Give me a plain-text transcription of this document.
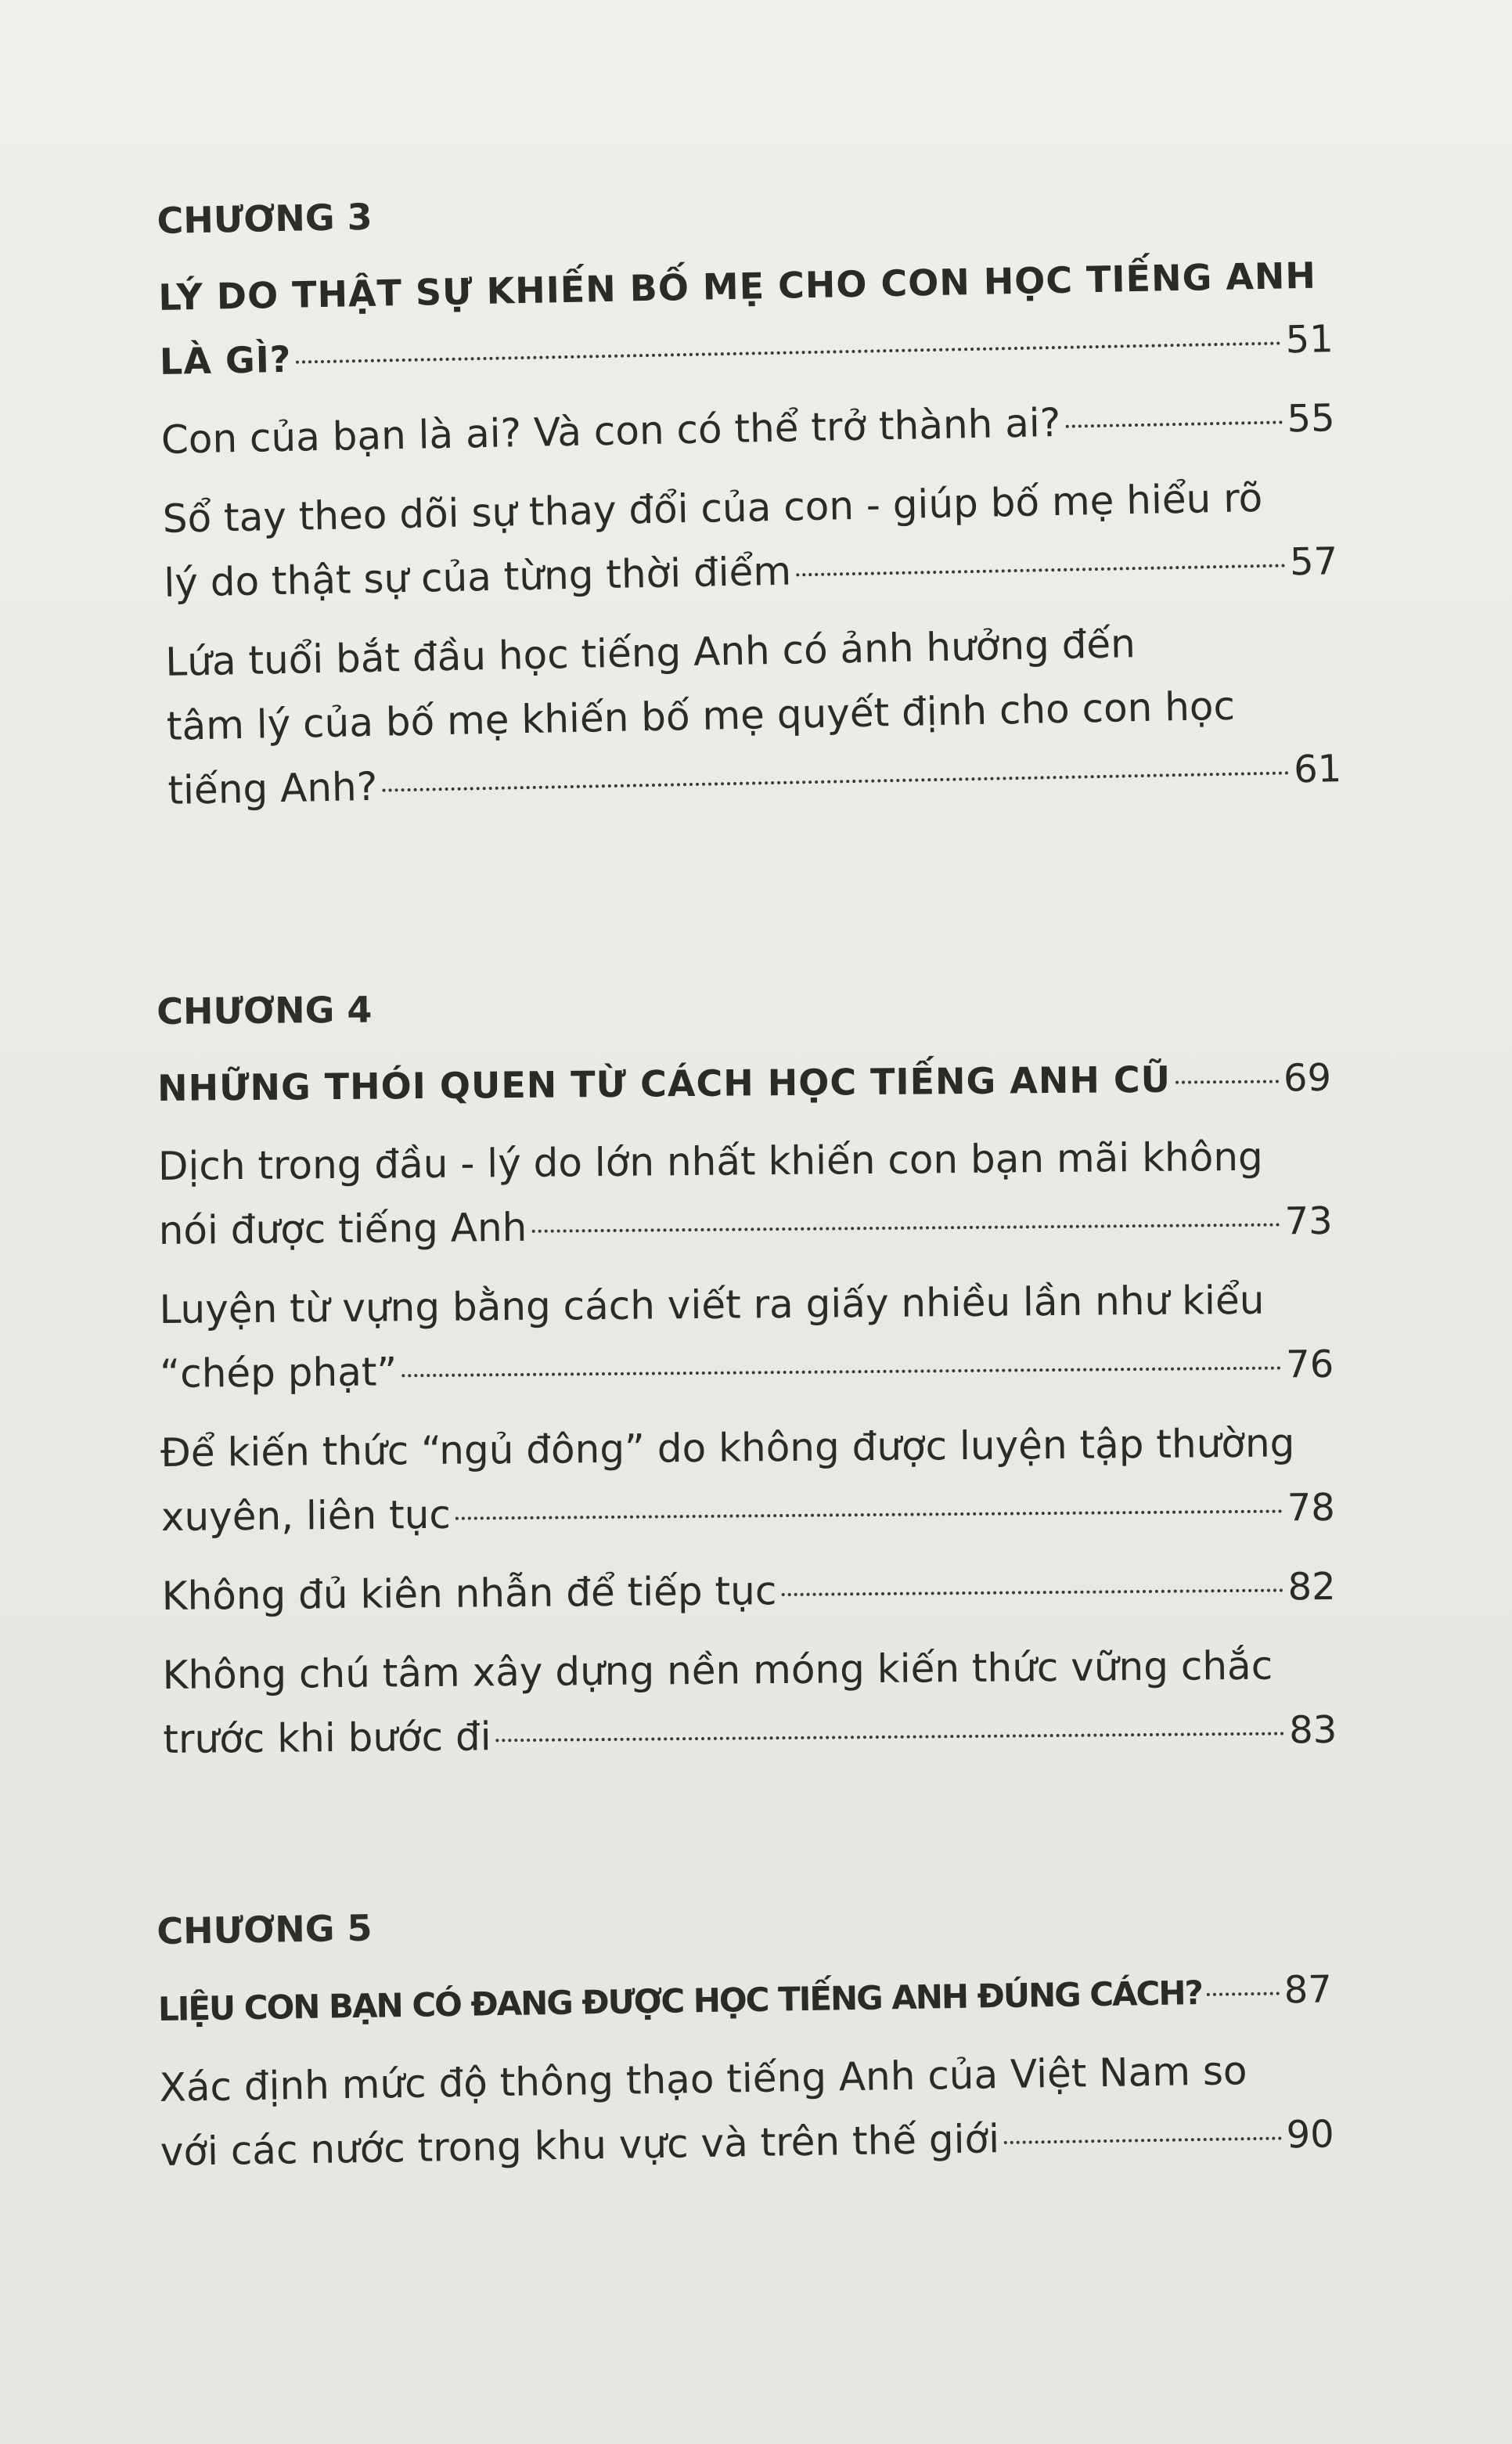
CHƯƠNG 3
LÝ DO THẬT SỰ KHIẾN BỐ MẸ CHO CON HỌC TIẾNG ANH
LÀ GÌ?	51
Con của bạn là ai? Và con có thể trở thành ai?	55
Sổ tay theo dõi sự thay đổi của con - giúp bố mẹ hiểu rõ
lý do thật sự của từng thời điểm	57
Lứa tuổi bắt đầu học tiếng Anh có ảnh hưởng đến
tâm lý của bố mẹ khiến bố mẹ quyết định cho con học
tiếng Anh?	61
CHƯƠNG 4
NHỮNG THÓI QUEN TỪ CÁCH HỌC TIẾNG ANH CŨ	69
Dịch trong đầu - lý do lớn nhất khiến con bạn mãi không
nói được tiếng Anh	73
Luyện từ vựng bằng cách viết ra giấy nhiều lần như kiểu
“chép phạt”	76
Để kiến thức “ngủ đông” do không được luyện tập thường
xuyên, liên tục	78
Không đủ kiên nhẫn để tiếp tục	82
Không chú tâm xây dựng nền móng kiến thức vững chắc
trước khi bước đi	83
CHƯƠNG 5
LIỆU CON BẠN CÓ ĐANG ĐƯỢC HỌC TIẾNG ANH ĐÚNG CÁCH? 87
Xác định mức độ thông thạo tiếng Anh của Việt Nam so
với các nước trong khu vực và trên thế giới	90
